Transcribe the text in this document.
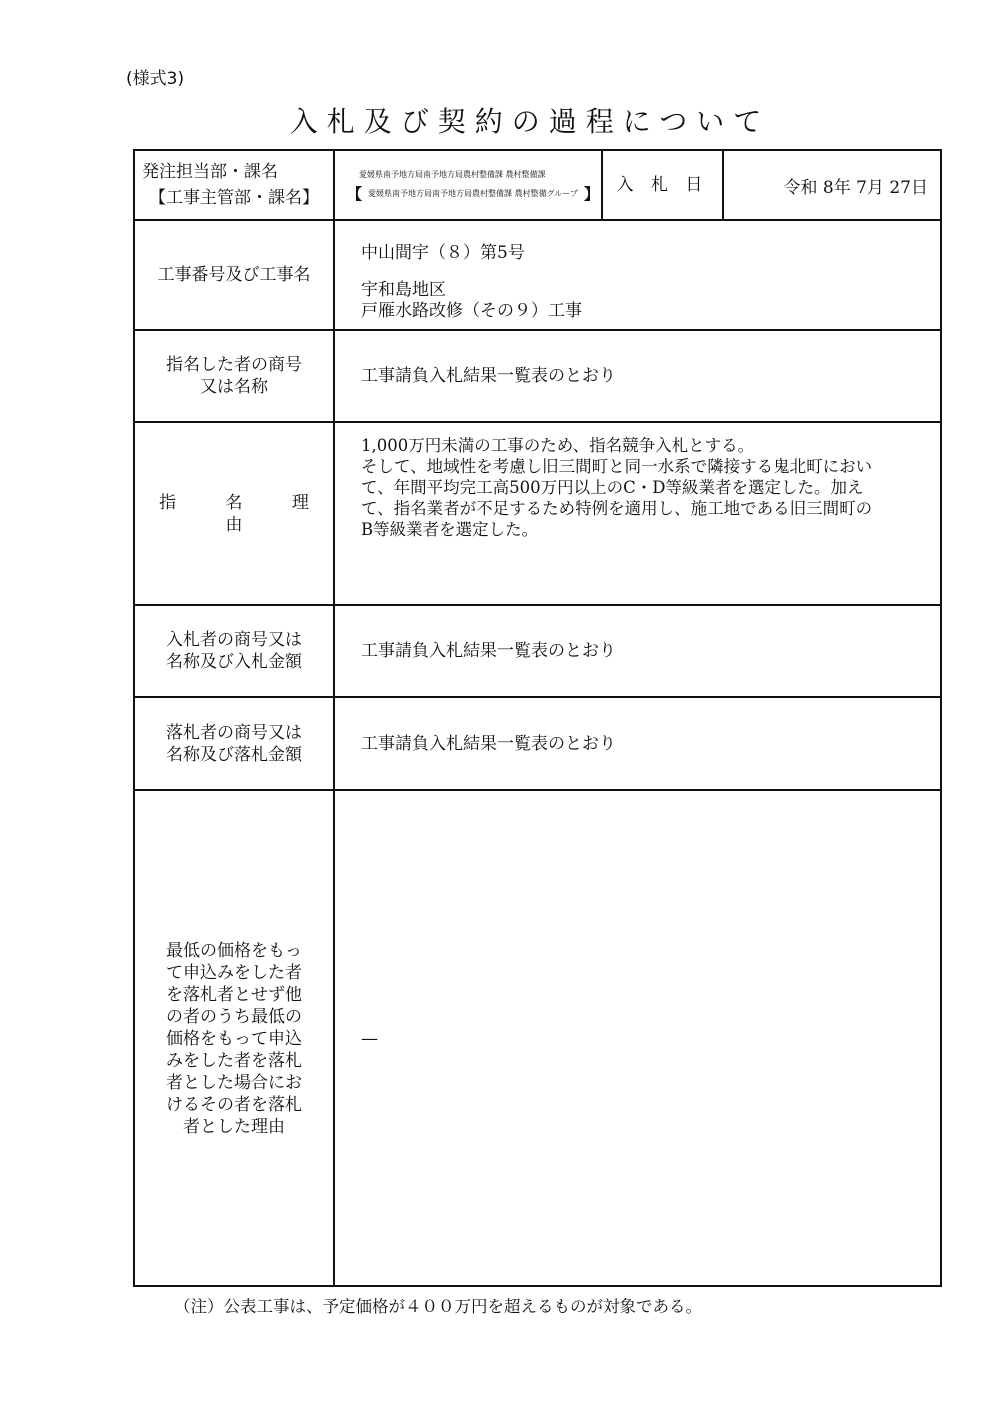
(様式3)
入札及び契約の過程について
発注担当部・課名
【工事主管部・課名】
愛媛県南予地方局南予地方局農村整備課 農村整備課
【 愛媛県南予地方局南予地方局農村整備課 農村整備グループ 】	入 札 日	令和 8年 7月 27日
工事番号及び工事名
中山間宇（８）第5号
宇和島地区
戸雁水路改修（その９）工事
指名した者の商号
又は名称
工事請負入札結果一覧表のとおり
指 名 理 由
1,000万円未満の工事のため、指名競争入札とする。
そして、地域性を考慮し旧三間町と同一水系で隣接する鬼北町におい
て、年間平均完工高500万円以上のC・D等級業者を選定した。加え
て、指名業者が不足するため特例を適用し、施工地である旧三間町の
B等級業者を選定した。
入札者の商号又は
名称及び入札金額
工事請負入札結果一覧表のとおり
落札者の商号又は
名称及び落札金額
工事請負入札結果一覧表のとおり
最低の価格をもっ
て申込みをした者
を落札者とせず他
の者のうち最低の
価格をもって申込
みをした者を落札
者とした場合にお
けるその者を落札
者とした理由
—
（注）公表工事は、予定価格が４００万円を超えるものが対象である。
